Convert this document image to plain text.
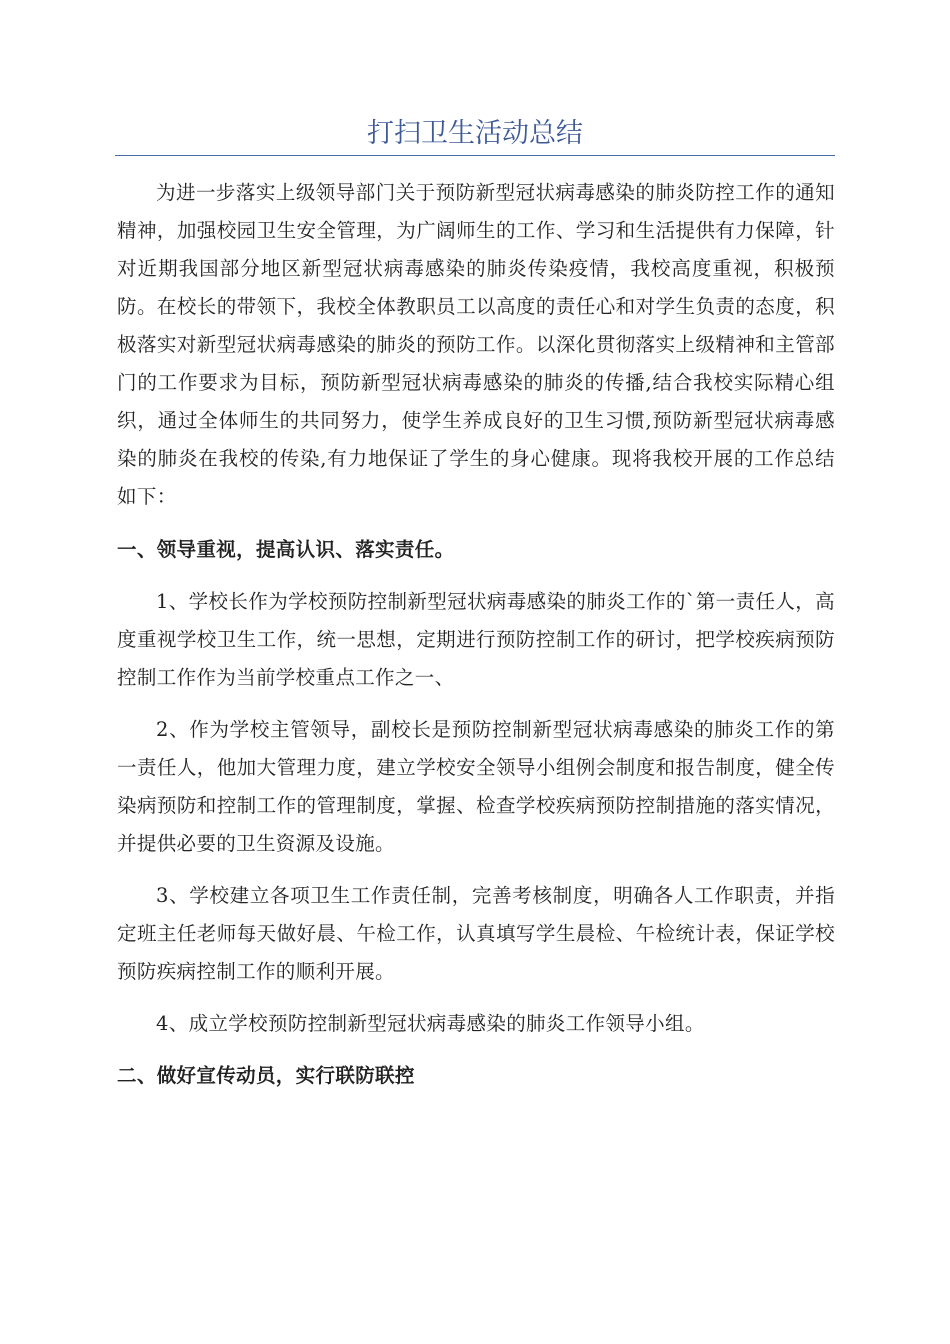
打扫卫生活动总结

为进一步落实上级领导部门关于预防新型冠状病毒感染的肺炎防控工作的通知精神，加强校园卫生安全管理，为广阔师生的工作、学习和生活提供有力保障，针对近期我国部分地区新型冠状病毒感染的肺炎传染疫情，我校高度重视，积极预防。在校长的带领下，我校全体教职员工以高度的责任心和对学生负责的态度，积极落实对新型冠状病毒感染的肺炎的预防工作。以深化贯彻落实上级精神和主管部门的工作要求为目标，预防新型冠状病毒感染的肺炎的传播,结合我校实际精心组织，通过全体师生的共同努力，使学生养成良好的卫生习惯,预防新型冠状病毒感染的肺炎在我校的传染,有力地保证了学生的身心健康。现将我校开展的工作总结如下：

一、领导重视，提高认识、落实责任。

1、学校长作为学校预防控制新型冠状病毒感染的肺炎工作的`第一责任人，高度重视学校卫生工作，统一思想，定期进行预防控制工作的研讨，把学校疾病预防控制工作作为当前学校重点工作之一、

2、作为学校主管领导，副校长是预防控制新型冠状病毒感染的肺炎工作的第一责任人，他加大管理力度，建立学校安全领导小组例会制度和报告制度，健全传染病预防和控制工作的管理制度，掌握、检查学校疾病预防控制措施的落实情况，并提供必要的卫生资源及设施。

3、学校建立各项卫生工作责任制，完善考核制度，明确各人工作职责，并指定班主任老师每天做好晨、午检工作，认真填写学生晨检、午检统计表，保证学校预防疾病控制工作的顺利开展。

4、成立学校预防控制新型冠状病毒感染的肺炎工作领导小组。

二、做好宣传动员，实行联防联控
